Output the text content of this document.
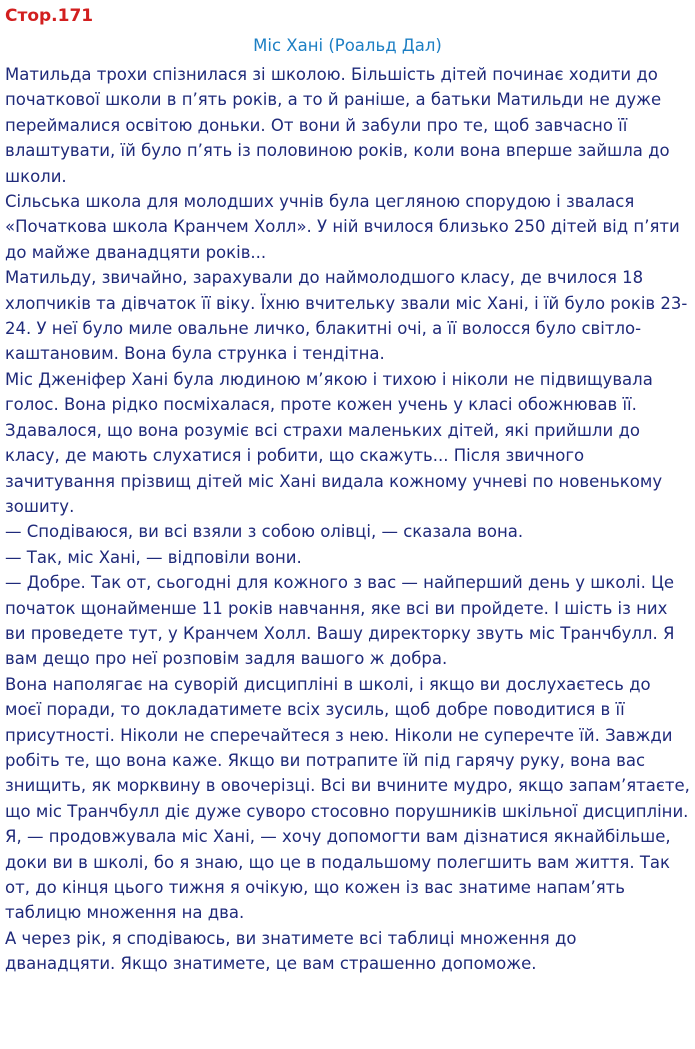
Стор.171
Міс Хані (Роальд Дал)

Матильда трохи спізнилася зі школою. Більшість дітей починає ходити до початкової школи в п’ять років, а то й раніше, а батьки Матильди не дуже переймалися освітою доньки. От вони й забули про те, щоб завчасно її влаштувати, їй було п’ять із половиною років, коли вона вперше зайшла до школи.

Сільська школа для молодших учнів була цегляною спорудою і звалася «Початкова школа Кранчем Холл». У ній вчилося близько 250 дітей від п’яти до майже дванадцяти років...

Матильду, звичайно, зарахували до наймолодшого класу, де вчилося 18 хлопчиків та дівчаток її віку. Їхню вчительку звали міс Хані, і їй було років 23-24. У неї було миле овальне личко, блакитні очі, а її волосся було світло-каштановим. Вона була струнка і тендітна.

Міс Дженіфер Хані була людиною м’якою і тихою і ніколи не підвищувала голос. Вона рідко посміхалася, проте кожен учень у класі обожнював її. Здавалося, що вона розуміє всі страхи маленьких дітей, які прийшли до класу, де мають слухатися і робити, що скажуть... Після звичного зачитування прізвищ дітей міс Хані видала кожному учневі по новенькому зошиту.

— Сподіваюся, ви всі взяли з собою олівці, — сказала вона.

— Так, міс Хані, — відповіли вони.

— Добре. Так от, сьогодні для кожного з вас — найперший день у школі. Це початок щонайменше 11 років навчання, яке всі ви пройдете. І шість із них ви проведете тут, у Кранчем Холл. Вашу директорку звуть міс Транчбулл. Я вам дещо про неї розповім задля вашого ж добра.

Вона наполягає на суворій дисципліні в школі, і якщо ви дослухаєтесь до моєї поради, то докладатимете всіх зусиль, щоб добре поводитися в її присутності. Ніколи не сперечайтеся з нею. Ніколи не суперечте їй. Завжди робіть те, що вона каже. Якщо ви потрапите їй під гарячу руку, вона вас знищить, як морквину в овочерізці. Всі ви вчините мудро, якщо запам’ятаєте, що міс Транчбулл діє дуже суворо стосовно порушників шкільної дисципліни. Я, — продовжувала міс Хані, — хочу допомогти вам дізнатися якнайбільше, доки ви в школі, бо я знаю, що це в подальшому полегшить вам життя. Так от, до кінця цього тижня я очікую, що кожен із вас знатиме напам’ять таблицю множення на два.

А через рік, я сподіваюсь, ви знатимете всі таблиці множення до дванадцяти. Якщо знатимете, це вам страшенно допоможе.
